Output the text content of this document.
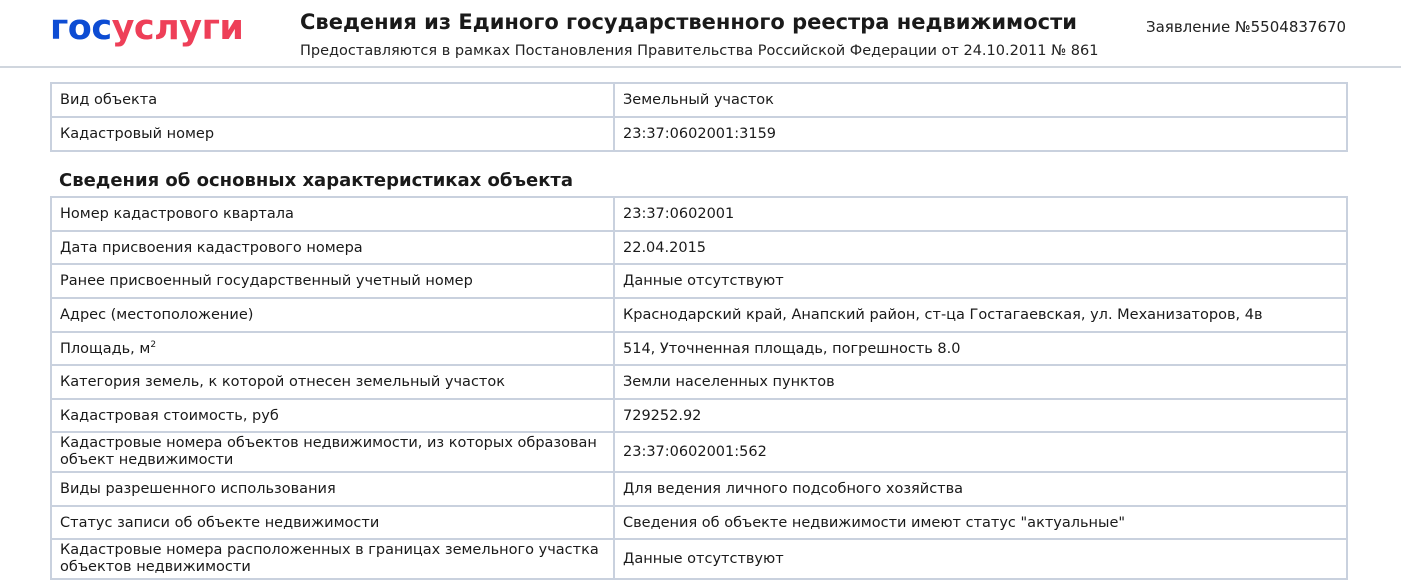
госуслуги	Сведения из Единого государственного реестра недвижимости
Предоставляются в рамках Постановления Правительства Российской Федерации от 24.10.2011 № 861
Заявление №5504837670
Вид объекта	Земельный участок
Кадастровый номер	23:37:0602001:3159
Сведения об основных характеристиках объекта
Номер кадастрового квартала	23:37:0602001
Дата присвоения кадастрового номера	22.04.2015
Ранее присвоенный государственный учетный номер	Данные отсутствуют
Адрес (местоположение)	Краснодарский край, Анапский район, ст-ца Гостагаевская, ул. Механизаторов, 4в
Площадь, $м^2$	514, Уточненная площадь, погрешность 8.0
Категория земель, к которой отнесен земельный участок	Земли населенных пунктов
Кадастровая стоимость, руб	729252.92
Кадастровые номера объектов недвижимости, из которых образован объект недвижимости	23:37:0602001:562
Виды разрешенного использования	Для ведения личного подсобного хозяйства
Статус записи об объекте недвижимости	Сведения об объекте недвижимости имеют статус "актуальные"
Кадастровые номера расположенных в границах земельного участка объектов недвижимости	Данные отсутствуют
